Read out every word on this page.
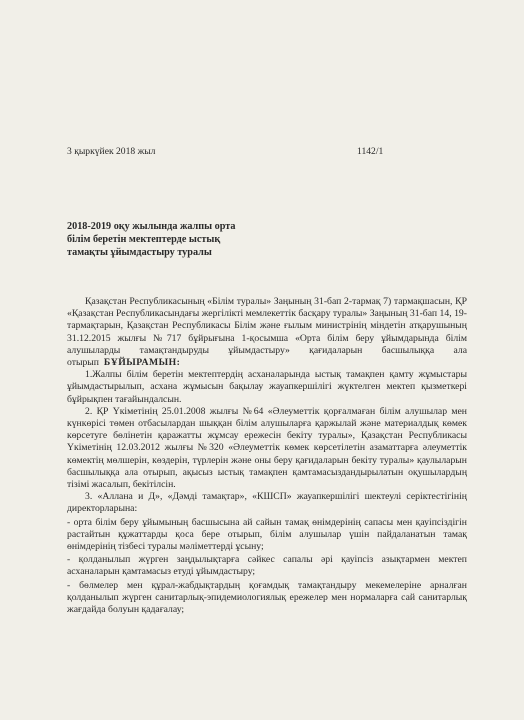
3 қыркүйек 2018 жыл	1142/1
2018-2019 оқу жылында жалпы орта білім беретін мектептерде ыстық тамақты ұйымдастыру туралы

Қазақстан Республикасының «Білім туралы» Заңының 31-бап 2-тармақ 7) тармақшасын, ҚР «Қазақстан Республикасындағы жергілікті мемлекеттік басқару туралы» Заңының 31-бап 14, 19-тармақтарын, Қазақстан Республикасы Білім және ғылым министрінің міндетін атқарушының 31.12.2015 жылғы №717 бұйрығына 1-қосымша «Орта білім беру ұйымдарында білім алушыларды тамақтандыруды ұйымдастыру» қағидаларын басшылыққа ала отырып БҰЙЫРАМЫН:

1.Жалпы білім беретін мектептердің асханаларында ыстық тамақпен қамту жұмыстары ұйымдастырылып, асхана жұмысын бақылау жауапкершілігі жүктелген мектеп қызметкері бұйрықпен тағайындалсын.

2. ҚР Үкіметінің 25.01.2008 жылғы №64 «Әлеуметтік қорғалмаған білім алушылар мен күнкөрісі төмен отбасылардан шыққан білім алушыларға қаржылай және материалдық көмек көрсетуге бөлінетін қаражатты жұмсау ережесін бекіту туралы», Қазақстан Республикасы Үкіметінің 12.03.2012 жылғы №320 «Әлеуметтік көмек көрсетілетін азаматтарға әлеуметтік көмектің мөлшерін, көздерін, түрлерін және оны беру қағидаларын бекіту туралы» қаулыларын басшылыққа ала отырып, ақысыз ыстық тамақпен қамтамасыздандырылатын оқушылардың тізімі жасалып, бекітілсін.

3. «Аллана и Д», «Дәмді тамақтар», «КШСП» жауапкершілігі шектеулі серіктестігінің директорларына:

- орта білім беру ұйымының басшысына ай сайын тамақ өнімдерінің сапасы мен қауіпсіздігін растайтын құжаттарды қоса бере отырып, білім алушылар үшін пайдаланатын тамақ өнімдерінің тізбесі туралы мәліметтерді ұсыну;

- қолданылып жүрген заңдылықтарға сәйкес сапалы әрі қауіпсіз азықтармен мектеп асханаларын қамтамасыз етуді ұйымдастыру;

- бөлмелер мен құрал-жабдықтардың қоғамдық тамақтандыру мекемелеріне арналған қолданылып жүрген санитарлық-эпидемиологиялық ережелер мен нормаларға сай санитарлық жағдайда болуын қадағалау;
